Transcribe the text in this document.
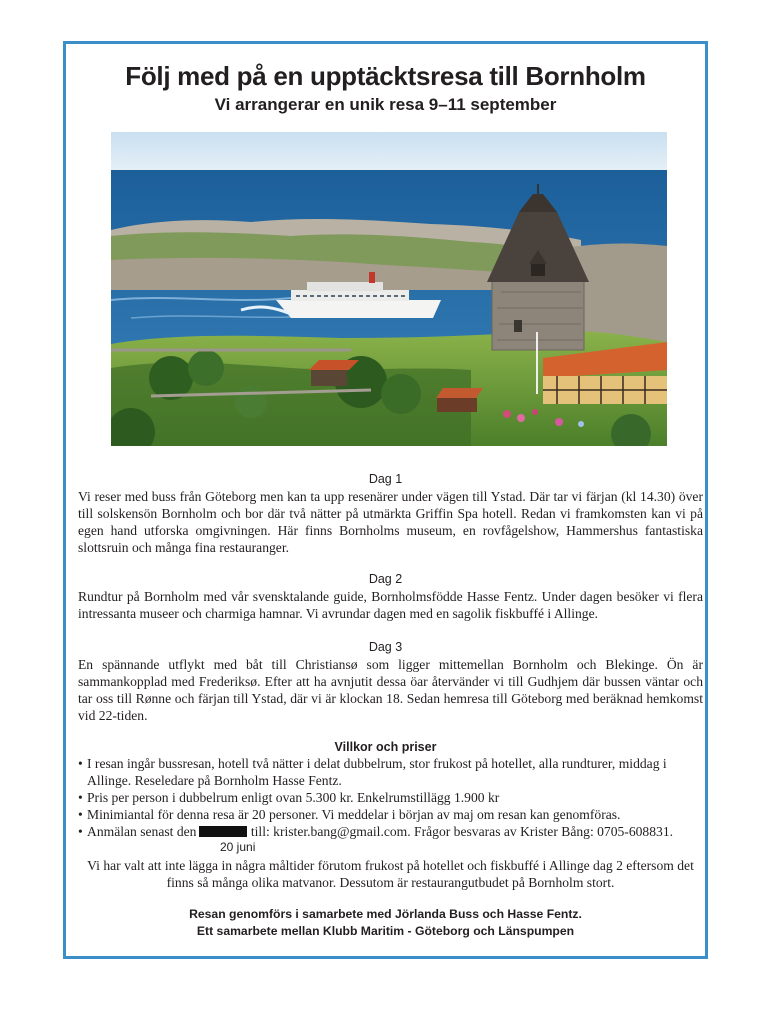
Följ med på en upptäcktsresa till Bornholm
Vi arrangerar en unik resa 9–11 september
Dag 1
Vi reser med buss från Göteborg men kan ta upp resenärer under vägen till Ystad. Där tar vi färjan (kl 14.30) över till solskensön Bornholm och bor där två nätter på utmärkta Griffin Spa hotell. Redan vi framkomsten kan vi på egen hand utforska omgivningen. Här finns Bornholms museum, en rovfågelshow, Hammershus fantastiska slottsruin och många fina restauranger.
Dag 2
Rundtur på Bornholm med vår svensktalande guide, Bornholmsfödde Hasse Fentz. Under dagen besöker vi flera intressanta museer och charmiga hamnar. Vi avrundar dagen med en sagolik fiskbuffé i Allinge.
Dag 3
En spännande utflykt med båt till Christiansø som ligger mittemellan Bornholm och Blekinge. Ön är sammankopplad med Frederiksø. Efter att ha avnjutit dessa öar återvänder vi till Gudhjem där bussen väntar och tar oss till Rønne och färjan till Ystad, där vi är klockan 18. Sedan hemresa till Göteborg med beräknad hemkomst vid 22-tiden.
Villkor och priser
• I resan ingår bussresan, hotell två nätter i delat dubbelrum, stor frukost på hotellet, alla rundturer, middag i Allinge. Reseledare på Bornholm Hasse Fentz.
• Pris per person i dubbelrum enligt ovan 5.300 kr. Enkelrumstillägg 1.900 kr
• Minimiantal för denna resa är 20 personer. Vi meddelar i början av maj om resan kan genomföras.
• Anmälan senast den	till: krister.bang@gmail.com. Frågor besvaras av Krister Bång: 0705-608831.
20 juni
Vi har valt att inte lägga in några måltider förutom frukost på hotellet och fiskbuffé i Allinge dag 2 eftersom det finns så många olika matvanor. Dessutom är restaurangutbudet på Bornholm stort.
Resan genomförs i samarbete med Jörlanda Buss och Hasse Fentz.
Ett samarbete mellan Klubb Maritim - Göteborg och Länspumpen
